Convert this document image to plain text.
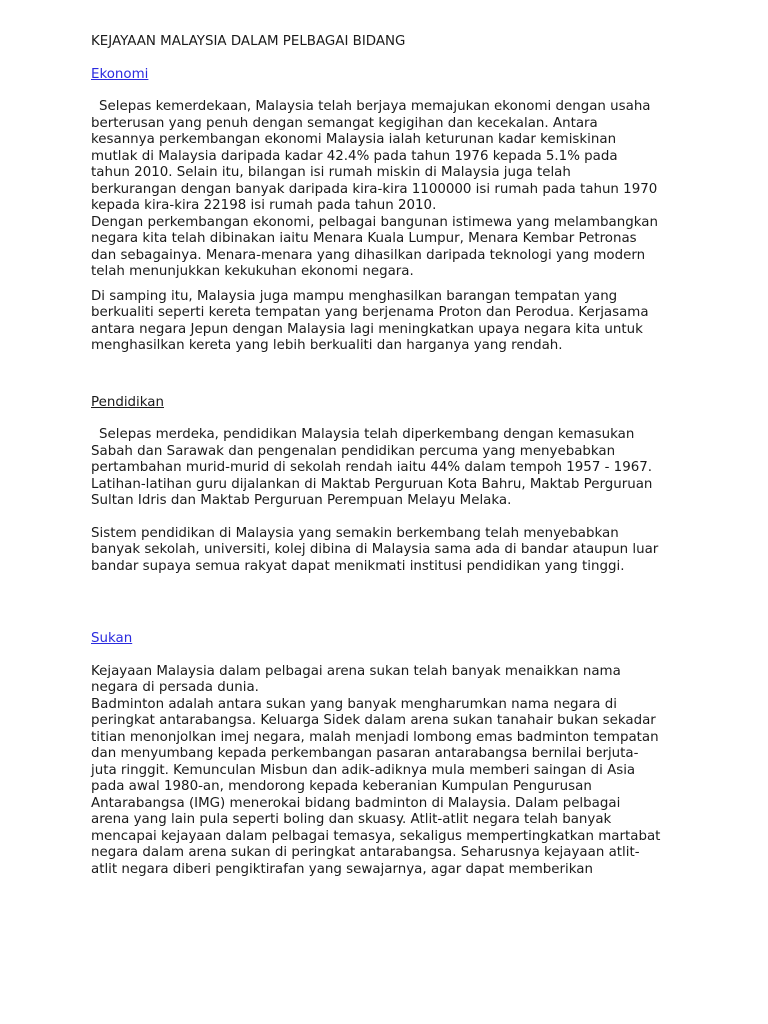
KEJAYAAN MALAYSIA DALAM PELBAGAI BIDANG
Ekonomi

Selepas kemerdekaan, Malaysia telah berjaya memajukan ekonomi dengan usaha
berterusan yang penuh dengan semangat kegigihan dan kecekalan. Antara
kesannya perkembangan ekonomi Malaysia ialah keturunan kadar kemiskinan
mutlak di Malaysia daripada kadar 42.4% pada tahun 1976 kepada 5.1% pada
tahun 2010. Selain itu, bilangan isi rumah miskin di Malaysia juga telah
berkurangan dengan banyak daripada kira-kira 1100000 isi rumah pada tahun 1970
kepada kira-kira 22198 isi rumah pada tahun 2010.

Dengan perkembangan ekonomi, pelbagai bangunan istimewa yang melambangkan
negara kita telah dibinakan iaitu Menara Kuala Lumpur, Menara Kembar Petronas
dan sebagainya. Menara-menara yang dihasilkan daripada teknologi yang modern
telah menunjukkan kekukuhan ekonomi negara.

Di samping itu, Malaysia juga mampu menghasilkan barangan tempatan yang
berkualiti seperti kereta tempatan yang berjenama Proton dan Perodua. Kerjasama
antara negara Jepun dengan Malaysia lagi meningkatkan upaya negara kita untuk
menghasilkan kereta yang lebih berkualiti dan harganya yang rendah.

Pendidikan

Selepas merdeka, pendidikan Malaysia telah diperkembang dengan kemasukan
Sabah dan Sarawak dan pengenalan pendidikan percuma yang menyebabkan
pertambahan murid-murid di sekolah rendah iaitu 44% dalam tempoh 1957 - 1967.
Latihan-latihan guru dijalankan di Maktab Perguruan Kota Bahru, Maktab Perguruan
Sultan Idris dan Maktab Perguruan Perempuan Melayu Melaka.

Sistem pendidikan di Malaysia yang semakin berkembang telah menyebabkan
banyak sekolah, universiti, kolej dibina di Malaysia sama ada di bandar ataupun luar
bandar supaya semua rakyat dapat menikmati institusi pendidikan yang tinggi.

Sukan

Kejayaan Malaysia dalam pelbagai arena sukan telah banyak menaikkan nama
negara di persada dunia.

Badminton adalah antara sukan yang banyak mengharumkan nama negara di
peringkat antarabangsa. Keluarga Sidek dalam arena sukan tanahair bukan sekadar
titian menonjolkan imej negara, malah menjadi lombong emas badminton tempatan
dan menyumbang kepada perkembangan pasaran antarabangsa bernilai berjuta-
juta ringgit. Kemunculan Misbun dan adik-adiknya mula memberi saingan di Asia
pada awal 1980-an, mendorong kepada keberanian Kumpulan Pengurusan
Antarabangsa (IMG) menerokai bidang badminton di Malaysia. Dalam pelbagai
arena yang lain pula seperti boling dan skuasy. Atlit-atlit negara telah banyak
mencapai kejayaan dalam pelbagai temasya, sekaligus mempertingkatkan martabat
negara dalam arena sukan di peringkat antarabangsa. Seharusnya kejayaan atlit-
atlit negara diberi pengiktirafan yang sewajarnya, agar dapat memberikan
